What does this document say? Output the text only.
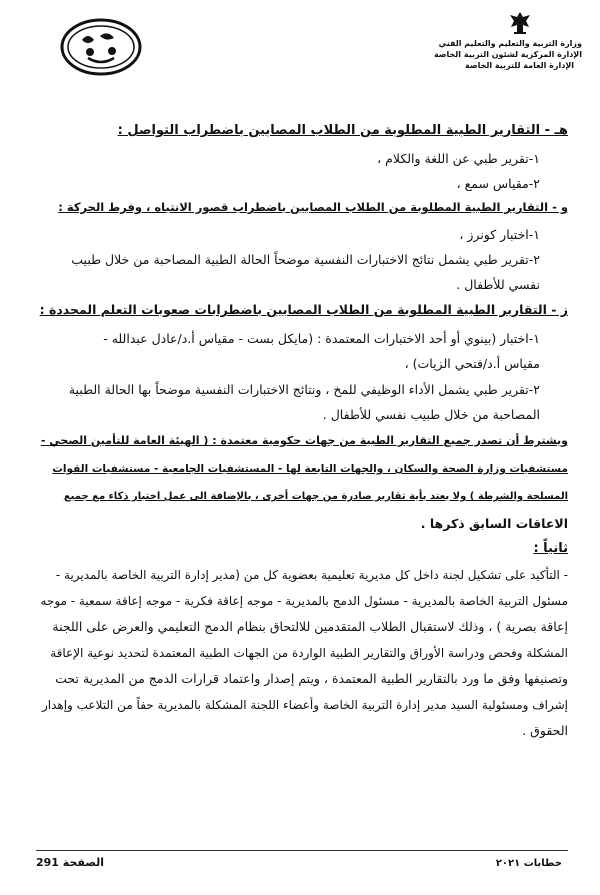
وزارة التربية والتعليم والتعليم الفني
الإدارة المركزية لشئون التربية الخاصة
الإدارة العامة للتربية الخاصة
هـ - التقارير الطبية المطلوبة من الطلاب المصابين باضطراب التواصل :
١-تقرير طبي عن اللغة والكلام ،
٢-مقياس سمع ،
و - التقارير الطبية المطلوبة من الطلاب المصابين باضطراب قصور الانتباه ، وفرط الحركة :
١-اختبار كونرز ،
٢-تقرير طبي يشمل نتائج الاختبارات النفسية موضحاً الحالة الطبية المصاحبة من خلال طبيب
نفسي للأطفال .
ز - التقارير الطبية المطلوبة من الطلاب المصابين باضطرابات صعوبات التعلم المحددة :
١-اختبار (بينوي أو أحد الاختبارات المعتمدة : (مايكل بست - مقياس أ.د/عادل عبدالله -
مقياس أ.د/فتحي الزيات) ،
٢-تقرير طبي يشمل الأداء الوظيفي للمخ ، ونتائج الاختبارات النفسية موضحاً بها الحالة الطبية
المصاحبة من خلال طبيب نفسي للأطفال .
ويشترط أن تصدر جميع التقارير الطبية من جهات حكومية معتمدة : ( الهيئة العامة للتأمين الصحي -
مستشفيات وزارة الصحة والسكان ، والجهات التابعة لها - المستشفيات الجامعية - مستشفيات القوات
المسلحة والشرطة ) ولا يعتد بأية تقارير صادرة من جهات أخرى ، بالإضافة الى عمل اختبار ذكاء مع جميع
الاعاقات السابق ذكرها .
ثانياً :
- التأكيد على تشكيل لجنة داخل كل مديرية تعليمية بعضوية كل من (مدير إدارة التربية الخاصة بالمديرية -
مسئول التربية الخاصة بالمديرية - مسئول الدمج بالمديرية - موجه إعاقة فكرية - موجه إعاقة سمعية - موجه
إعاقة بصرية ) ، وذلك لاستقبال الطلاب المتقدمين للالتحاق بنظام الدمج التعليمي والعرض على اللجنة
المشكلة وفحص ودراسة الأوراق والتقارير الطبية الواردة من الجهات الطبية المعتمدة لتحديد نوعية الإعاقة
وتصنيفها وفق ما ورد بالتقارير الطبية المعتمدة ، ويتم إصدار واعتماد قرارات الدمج من المديرية تحت
إشراف ومسئولية السيد مدير إدارة التربية الخاصة وأعضاء اللجنة المشكلة بالمديرية حفاً من التلاعب وإهدار
الحقوق .
خطابات ٢٠٢١
الصفحة 291
